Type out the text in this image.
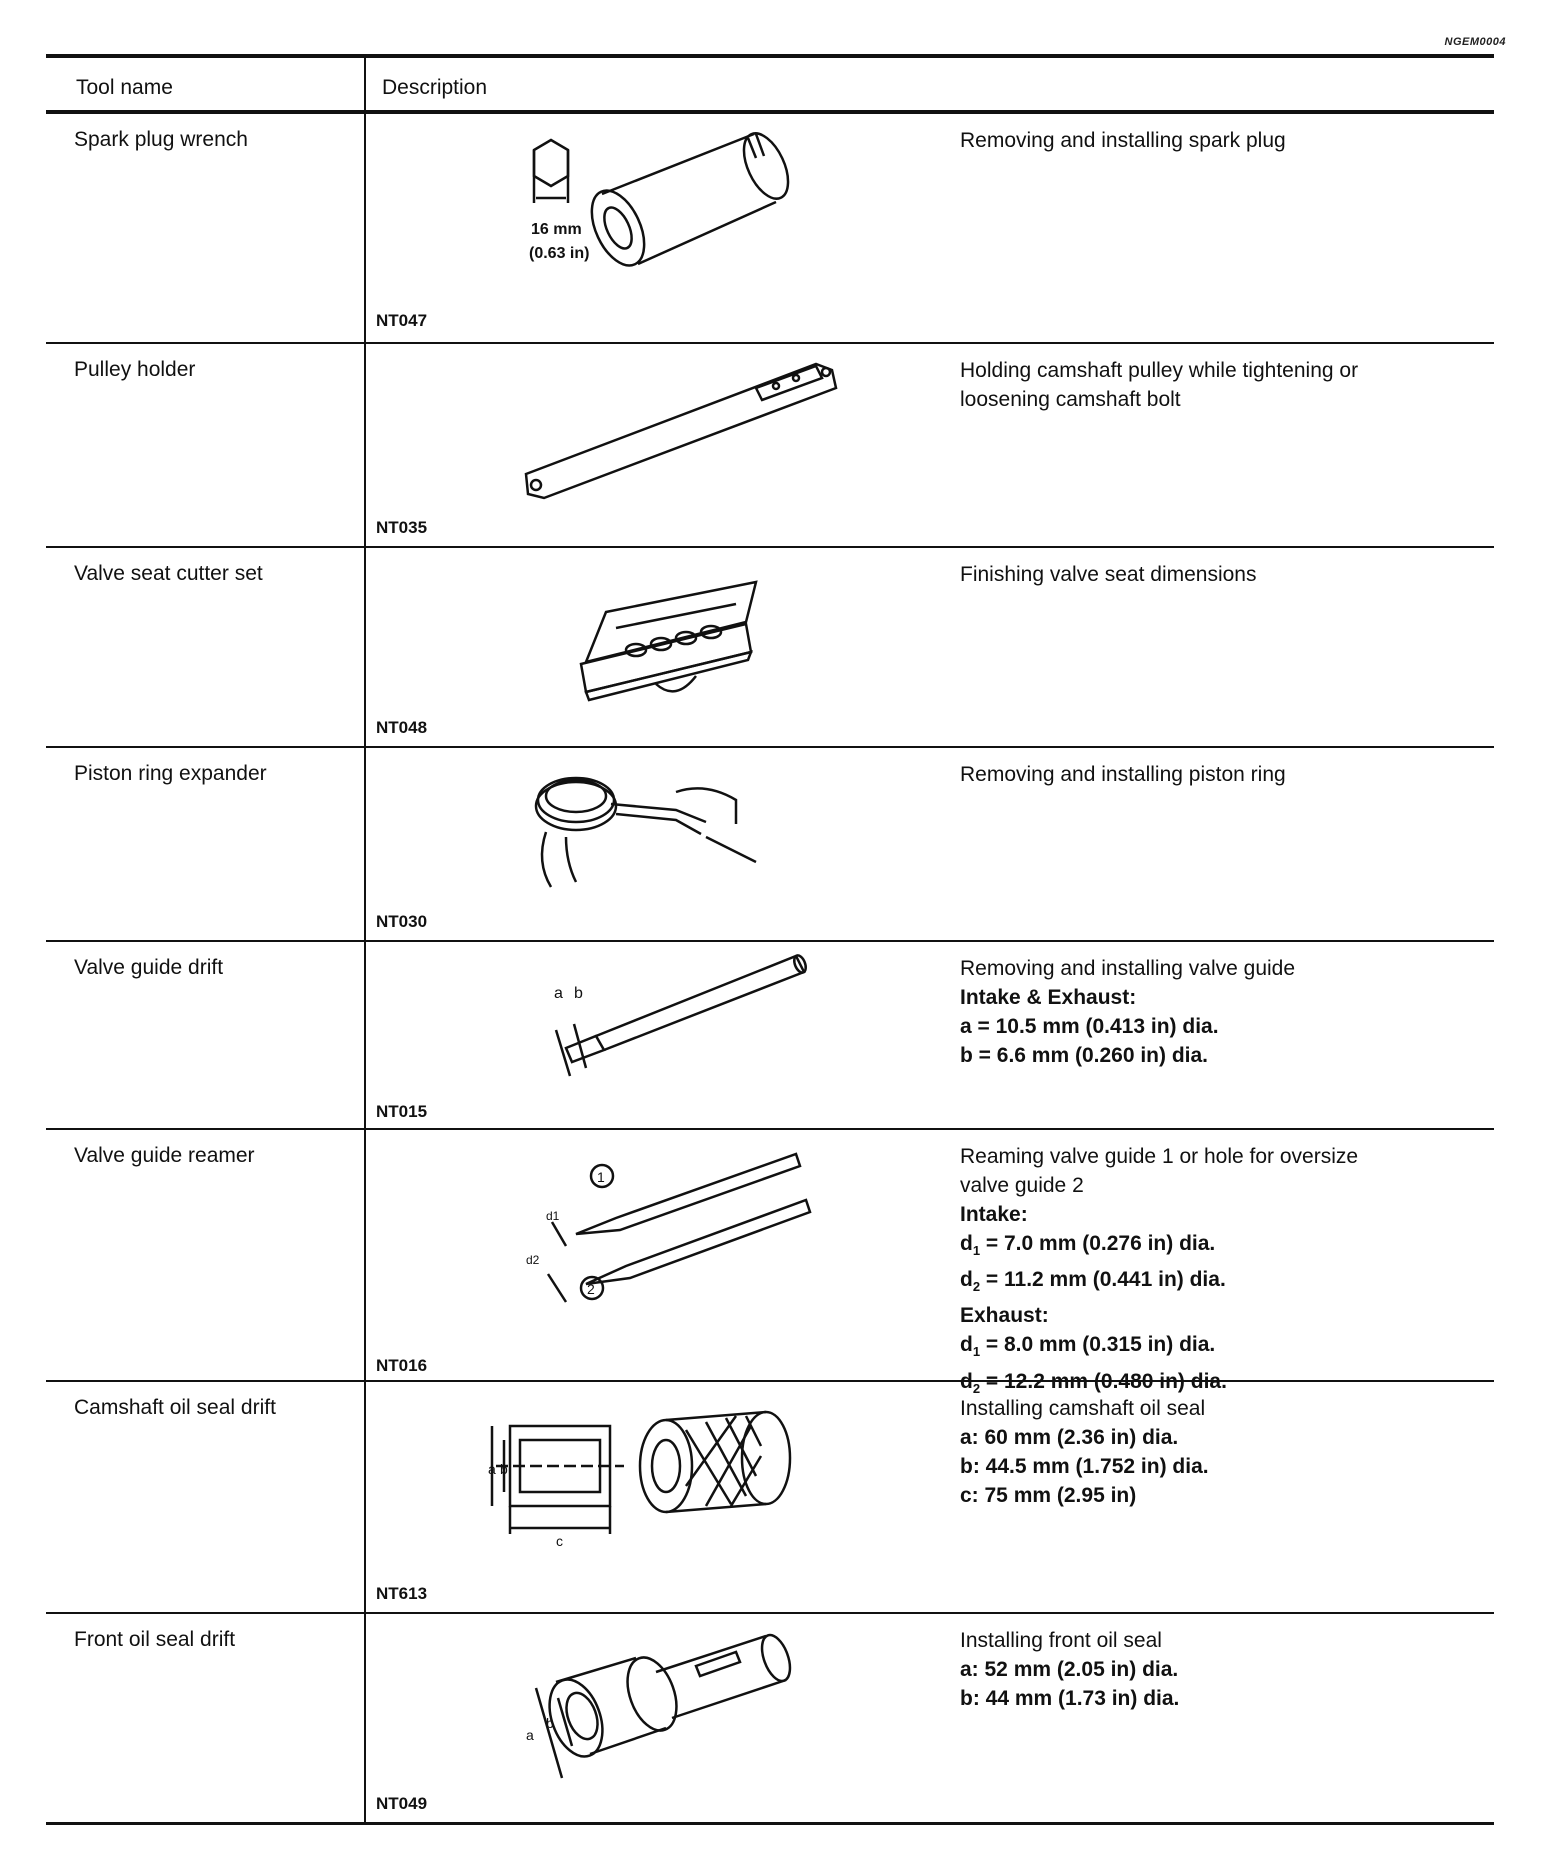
NGEM0004
Tool name	Description
Spark plug wrench
16 mm
(0.63 in)
NT047
Removing and installing spark plug
Pulley holder
NT035
Holding camshaft pulley while tightening or
loosening camshaft bolt
Valve seat cutter set
NT048
Finishing valve seat dimensions
Piston ring expander
NT030
Removing and installing piston ring
Valve guide drift
a b
NT015
Removing and installing valve guide
Intake & Exhaust:
a = 10.5 mm (0.413 in) dia.
b = 6.6 mm (0.260 in) dia.
Valve guide reamer
1
2
d1
d2
NT016
Reaming valve guide 1 or hole for oversize
valve guide 2
Intake:
$d_1 = 7.0$ mm (0.276 in) dia.
$d_2 = 11.2$ mm (0.441 in) dia.
Exhaust:
$d_1 = 8.0$ mm (0.315 in) dia.
$d_2 = 12.2$ mm (0.480 in) dia.
Camshaft oil seal drift
a b
c
NT613
Installing camshaft oil seal
a: 60 mm (2.36 in) dia.
b: 44.5 mm (1.752 in) dia.
c: 75 mm (2.95 in)
Front oil seal drift
a
b
NT049
Installing front oil seal
a: 52 mm (2.05 in) dia.
b: 44 mm (1.73 in) dia.
